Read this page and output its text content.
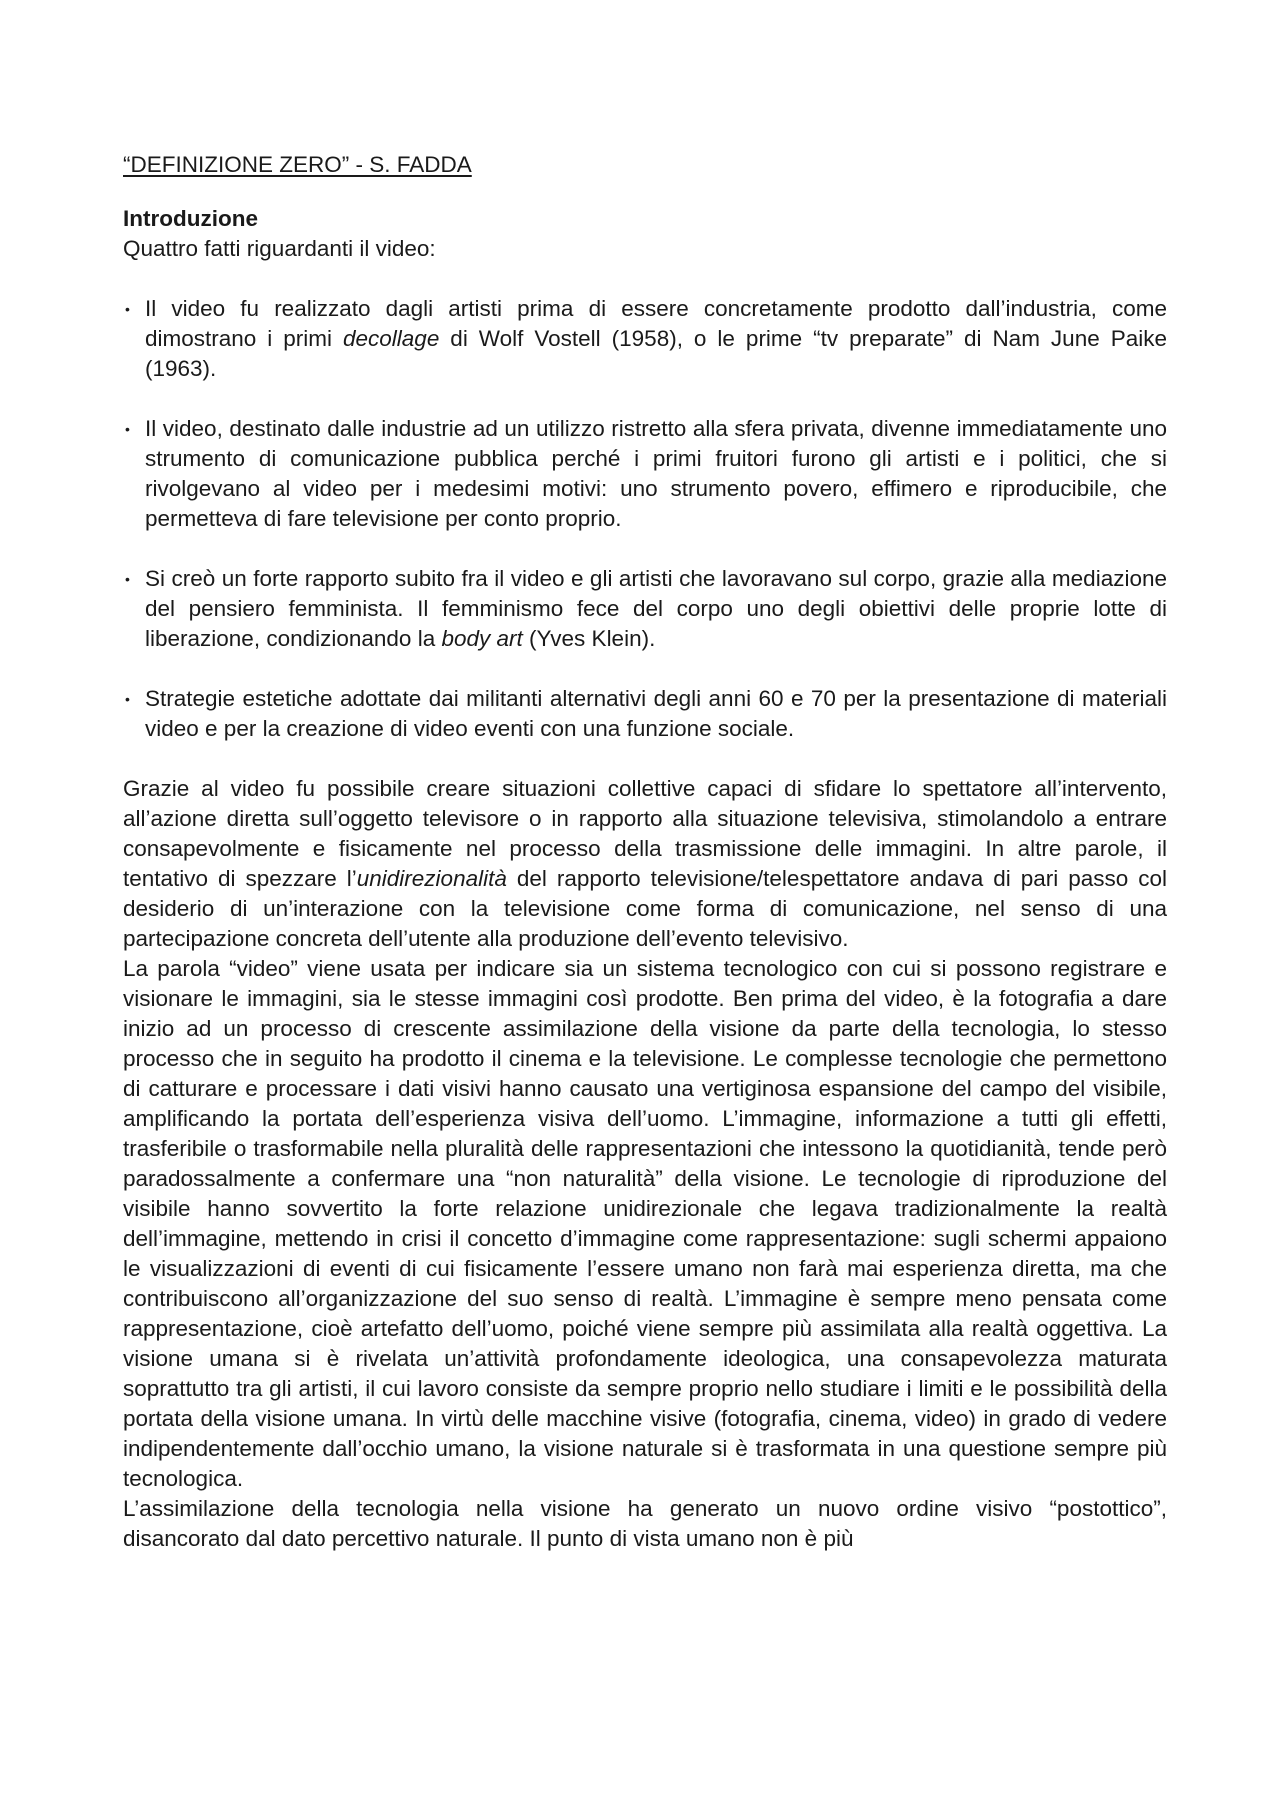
“DEFINIZIONE ZERO” - S. FADDA
Introduzione

Quattro fatti riguardanti il video:

• Il video fu realizzato dagli artisti prima di essere concretamente prodotto dall’industria, come dimostrano i primi decollage di Wolf Vostell (1958), o le prime “tv preparate” di Nam June Paike (1963).
• Il video, destinato dalle industrie ad un utilizzo ristretto alla sfera privata, divenne immediatamente uno strumento di comunicazione pubblica perché i primi fruitori furono gli artisti e i politici, che si rivolgevano al video per i medesimi motivi: uno strumento povero, effimero e riproducibile, che permetteva di fare televisione per conto proprio.
• Si creò un forte rapporto subito fra il video e gli artisti che lavoravano sul corpo, grazie alla mediazione del pensiero femminista. Il femminismo fece del corpo uno degli obiettivi delle proprie lotte di liberazione, condizionando la body art (Yves Klein).
• Strategie estetiche adottate dai militanti alternativi degli anni 60 e 70 per la presentazione di materiali video e per la creazione di video eventi con una funzione sociale.

Grazie al video fu possibile creare situazioni collettive capaci di sfidare lo spettatore all’intervento, all’azione diretta sull’oggetto televisore o in rapporto alla situazione televisiva, stimolandolo a entrare consapevolmente e fisicamente nel processo della trasmissione delle immagini. In altre parole, il tentativo di spezzare l’unidirezionalità del rapporto televisione/telespettatore andava di pari passo col desiderio di un’interazione con la televisione come forma di comunicazione, nel senso di una partecipazione concreta dell’utente alla produzione dell’evento televisivo.

La parola “video” viene usata per indicare sia un sistema tecnologico con cui si possono registrare e visionare le immagini, sia le stesse immagini così prodotte. Ben prima del video, è la fotografia a dare inizio ad un processo di crescente assimilazione della visione da parte della tecnologia, lo stesso processo che in seguito ha prodotto il cinema e la televisione. Le complesse tecnologie che permettono di catturare e processare i dati visivi hanno causato una vertiginosa espansione del campo del visibile, amplificando la portata dell’esperienza visiva dell’uomo. L’immagine, informazione a tutti gli effetti, trasferibile o trasformabile nella pluralità delle rappresentazioni che intessono la quotidianità, tende però paradossalmente a confermare una “non naturalità” della visione. Le tecnologie di riproduzione del visibile hanno sovvertito la forte relazione unidirezionale che legava tradizionalmente la realtà dell’immagine, mettendo in crisi il concetto d’immagine come rappresentazione: sugli schermi appaiono le visualizzazioni di eventi di cui fisicamente l’essere umano non farà mai esperienza diretta, ma che contribuiscono all’organizzazione del suo senso di realtà. L’immagine è sempre meno pensata come rappresentazione, cioè artefatto dell’uomo, poiché viene sempre più assimilata alla realtà oggettiva. La visione umana si è rivelata un’attività profondamente ideologica, una consapevolezza maturata soprattutto tra gli artisti, il cui lavoro consiste da sempre proprio nello studiare i limiti e le possibilità della portata della visione umana. In virtù delle macchine visive (fotografia, cinema, video) in grado di vedere indipendentemente dall’occhio umano, la visione naturale si è trasformata in una questione sempre più tecnologica.

L’assimilazione della tecnologia nella visione ha generato un nuovo ordine visivo “postottico”, disancorato dal dato percettivo naturale. Il punto di vista umano non è più
